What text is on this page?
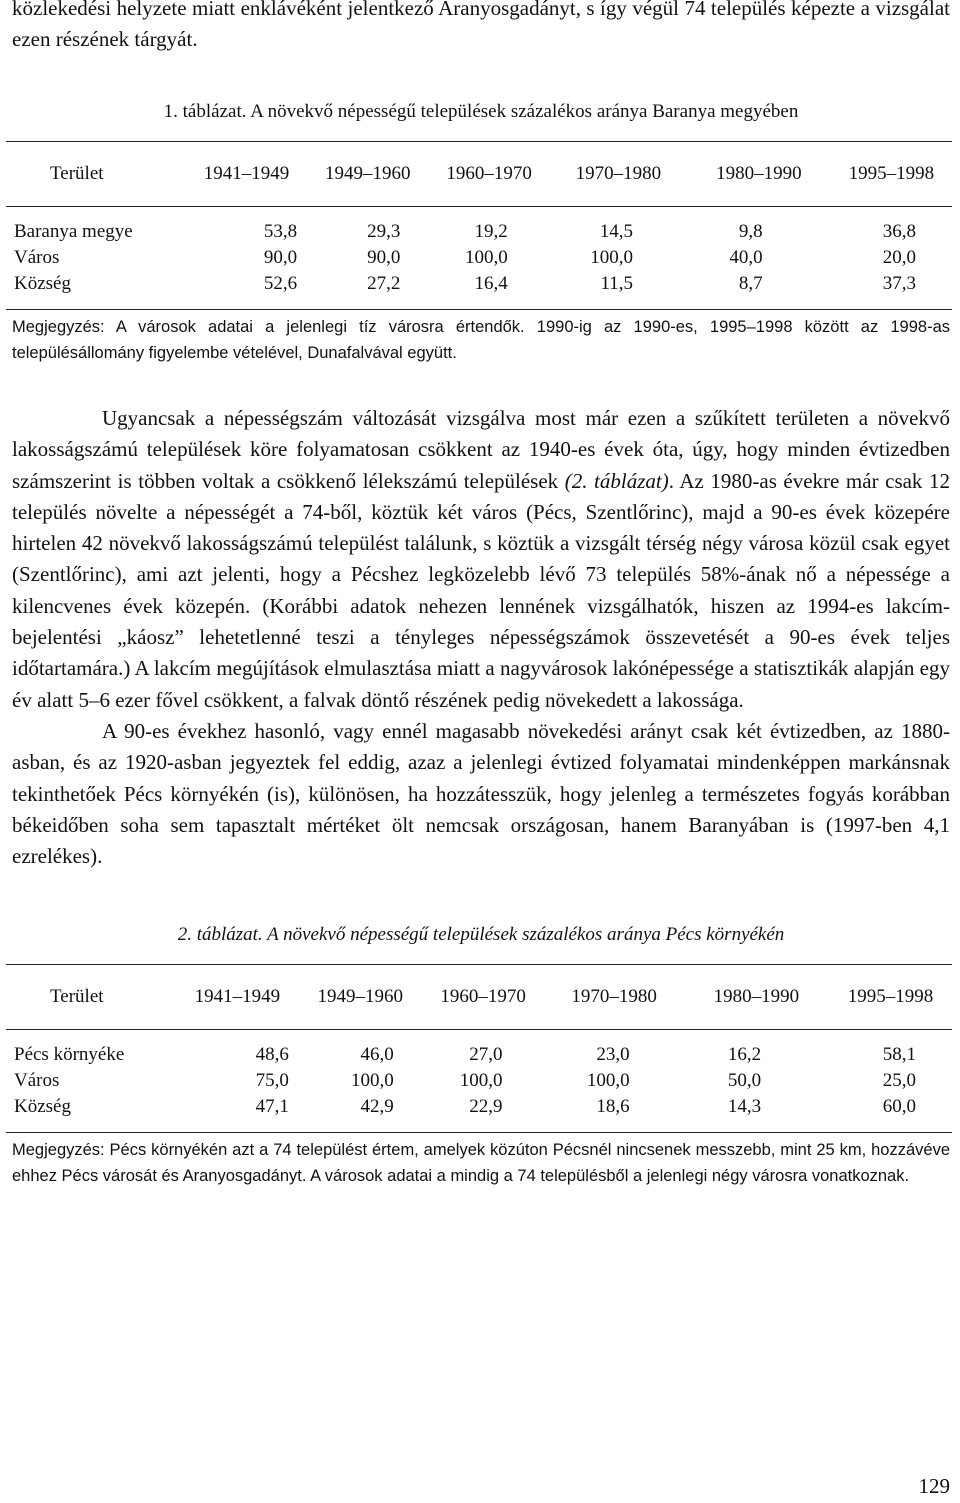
közlekedési helyzete miatt enklávéként jelentkező Aranyosgadányt, s így végül 74 település képezte a vizsgálat ezen részének tárgyát.

1. táblázat. A növekvő népességű települések százalékos aránya Baranya megyében

Terület	1941–1949	1949–1960	1960–1970	1970–1980	1980–1990	1995–1998
Baranya megye	53,8	29,3	19,2	14,5	9,8	36,8
Város	90,0	90,0	100,0	100,0	40,0	20,0
Község	52,6	27,2	16,4	11,5	8,7	37,3

Megjegyzés: A városok adatai a jelenlegi tíz városra értendők. 1990-ig az 1990-es, 1995–1998 között az 1998-as településállomány figyelembe vételével, Dunafalvával együtt.

Ugyancsak a népességszám változását vizsgálva most már ezen a szűkített területen a növekvő lakosságszámú települések köre folyamatosan csökkent az 1940-es évek óta, úgy, hogy minden évtizedben számszerint is többen voltak a csökkenő lélekszámú települések (2. táblázat). Az 1980-as évekre már csak 12 település növelte a népességét a 74-ből, köztük két város (Pécs, Szentlőrinc), majd a 90-es évek közepére hirtelen 42 növekvő lakosságszámú települést találunk, s köztük a vizsgált térség négy városa közül csak egyet (Szentlőrinc), ami azt jelenti, hogy a Pécshez legközelebb lévő 73 település 58%-ának nő a népessége a kilencvenes évek közepén. (Korábbi adatok nehezen lennének vizsgálhatók, hiszen az 1994-es lakcím-bejelentési „káosz” lehetetlenné teszi a tényleges népességszámok összevetését a 90-es évek teljes időtartamára.) A lakcím megújítások elmulasztása miatt a nagyvárosok lakónépessége a statisztikák alapján egy év alatt 5–6 ezer fővel csökkent, a falvak döntő részének pedig növekedett a lakossága.

A 90-es évekhez hasonló, vagy ennél magasabb növekedési arányt csak két évtizedben, az 1880-asban, és az 1920-asban jegyeztek fel eddig, azaz a jelenlegi évtized folyamatai mindenképpen markánsnak tekinthetőek Pécs környékén (is), különösen, ha hozzátesszük, hogy jelenleg a természetes fogyás korábban békeidőben soha sem tapasztalt mértéket ölt nemcsak országosan, hanem Baranyában is (1997-ben 4,1 ezrelékes).

2. táblázat. A növekvő népességű települések százalékos aránya Pécs környékén

Terület	1941–1949	1949–1960	1960–1970	1970–1980	1980–1990	1995–1998
Pécs környéke	48,6	46,0	27,0	23,0	16,2	58,1
Város	75,0	100,0	100,0	100,0	50,0	25,0
Község	47,1	42,9	22,9	18,6	14,3	60,0

Megjegyzés: Pécs környékén azt a 74 települést értem, amelyek közúton Pécsnél nincsenek messzebb, mint 25 km, hozzávéve ehhez Pécs városát és Aranyosgadányt. A városok adatai a mindig a 74 településből a jelenlegi négy városra vonatkoznak.

129
